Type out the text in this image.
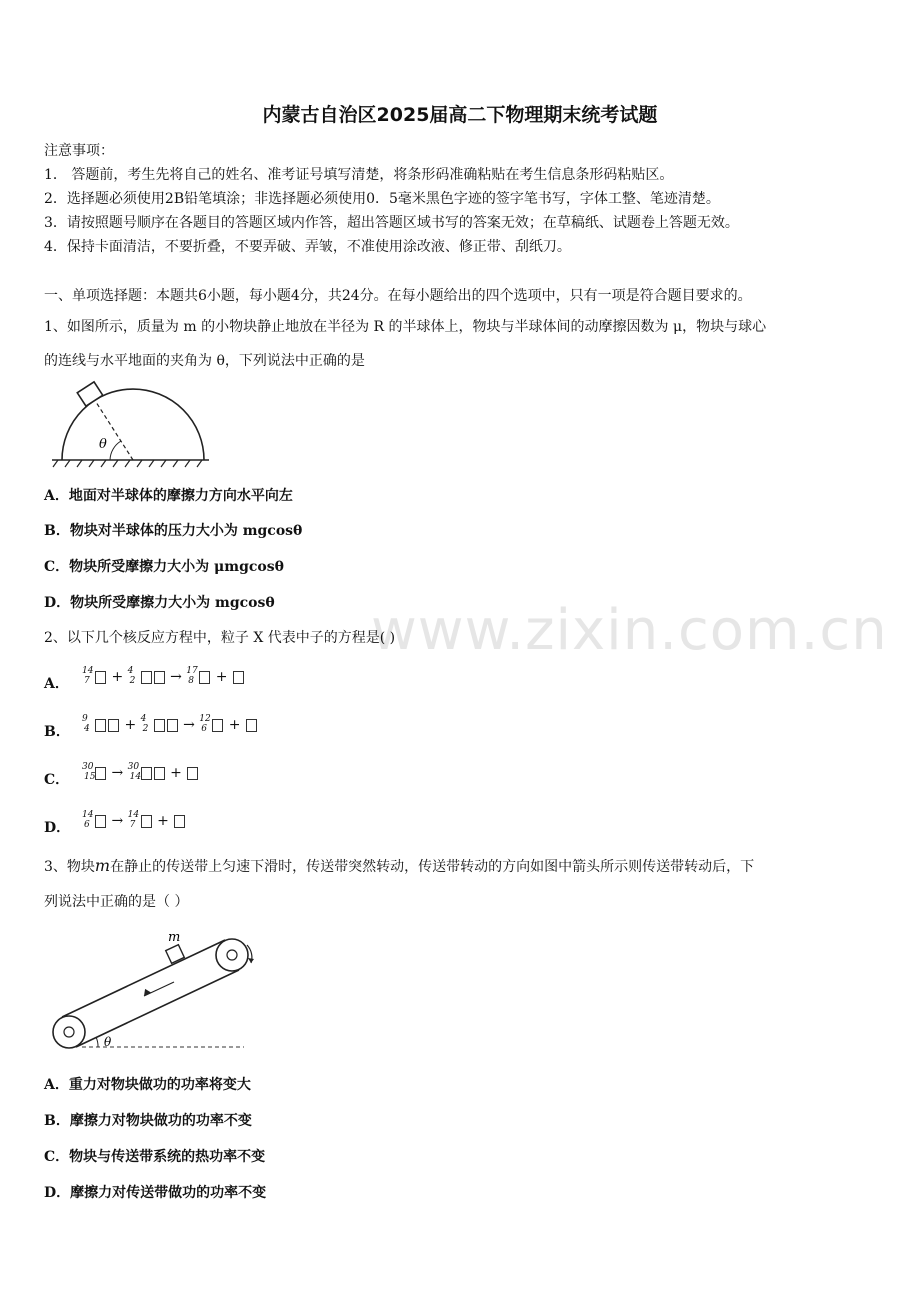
内蒙古自治区2025届高二下物理期末统考试题
注意事项：
1． 答题前，考生先将自己的姓名、准考证号填写清楚，将条形码准确粘贴在考生信息条形码粘贴区。
2．选择题必须使用2B铅笔填涂；非选择题必须使用0．5毫米黑色字迹的签字笔书写，字体工整、笔迹清楚。
3．请按照题号顺序在各题目的答题区域内作答，超出答题区域书写的答案无效；在草稿纸、试题卷上答题无效。
4．保持卡面清洁，不要折叠，不要弄破、弄皱，不准使用涂改液、修正带、刮纸刀。
一、单项选择题：本题共6小题，每小题4分，共24分。在每小题给出的四个选项中，只有一项是符合题目要求的。
1、如图所示，质量为 m 的小物块静止地放在半径为 R 的半球体上，物块与半球体间的动摩擦因数为 μ，物块与球心
的连线与水平地面的夹角为 θ，下列说法中正确的是
θ
A．地面对半球体的摩擦力方向水平向左
B．物块对半球体的压力大小为 mgcosθ
C．物块所受摩擦力大小为 μmgcosθ
D．物块所受摩擦力大小为 mgcosθ www.zixin.com.cn
2、以下几个核反应方程中，粒子 X 代表中子的方程是( )
A．
14
7 + 4
2 → 17
8 +
B．
9
4 + 4
2 → 12
6 +
C．
30
15 → 30
14 +
D．
14
6 → 14
7 +
3、物块m在静止的传送带上匀速下滑时，传送带突然转动，传送带转动的方向如图中箭头所示则传送带转动后，下
列说法中正确的是（ ）
m
θ
A．重力对物块做功的功率将变大
B．摩擦力对物块做功的功率不变
C．物块与传送带系统的热功率不变
D．摩擦力对传送带做功的功率不变
